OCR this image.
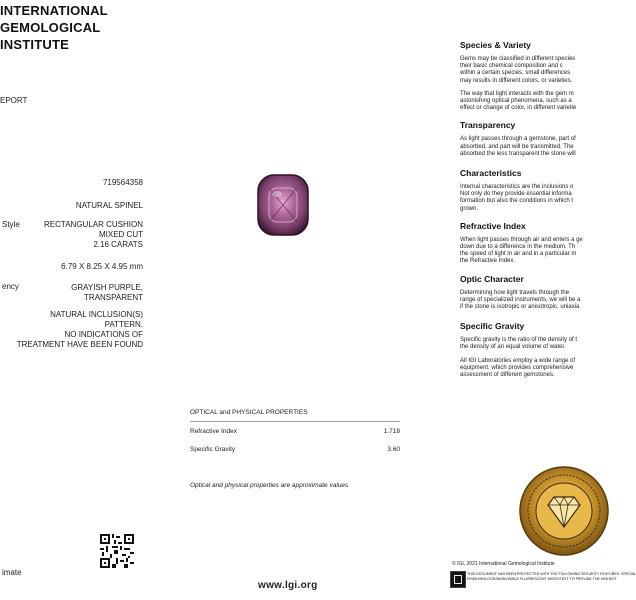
INTERNATIONAL
GEMOLOGICAL
INSTITUTE
EPORT
Style
ency
imate
719564358
NATURAL SPINEL
RECTANGULAR CUSHION
MIXED CUT
2.16 CARATS
6.79 X 8.25 X 4.95 mm
GRAYISH PURPLE,
TRANSPARENT
NATURAL INCLUSION(S)
PATTERN.
NO INDICATIONS OF
TREATMENT HAVE BEEN FOUND
OPTICAL and PHYSICAL PROPERTIES
Refractive Index	1.718
Specific Gravity	3.60
Optical and physical properties are approximate values
www.lgi.org
Species & Variety
Gems may be classified in different species
their basic chemical composition and c
within a certain species, small differences
may results in different colors, or varieties.
The way that light interacts with the gem m
astonishing optical phenomena, such as a
effect or change of color, in different varietie
Transparency
As light passes through a gemstone, part of
absorbed, and part will be transmitted. The
absorbed the less transparent the stone will
Characteristics
Internal characteristics are the inclusions o
Not only do they provide essential informa
formation but also the conditions in which t
grown.
Refractive Index
When light passes through air and enters a ge
down due to a difference in the medium. Th
the speed of light in air and in a particular m
the Refractive Index.
Optic Character
Determining how light travels through the
range of specialized instruments, we will be a
if the stone is isotropic or anisotropic, uniaxia
Specific Gravity
Specific gravity is the ratio of the density of t
the density of an equal volume of water.
All IGI Laboratories employ a wide range of
equipment, which provides comprehensive
assessment of different gemstones.
© IGI, 2021 International Gemological Institute
THIS DOCUMENT HAS BEEN PROTECTED WITH THE FOLLOWING SECURITY FEATURES: SPECIAL
FINISH/HOLOGRAM/INVISIBLE FLUORESCENT MICROTEXT TO PROVIDE THE HIGHEST
